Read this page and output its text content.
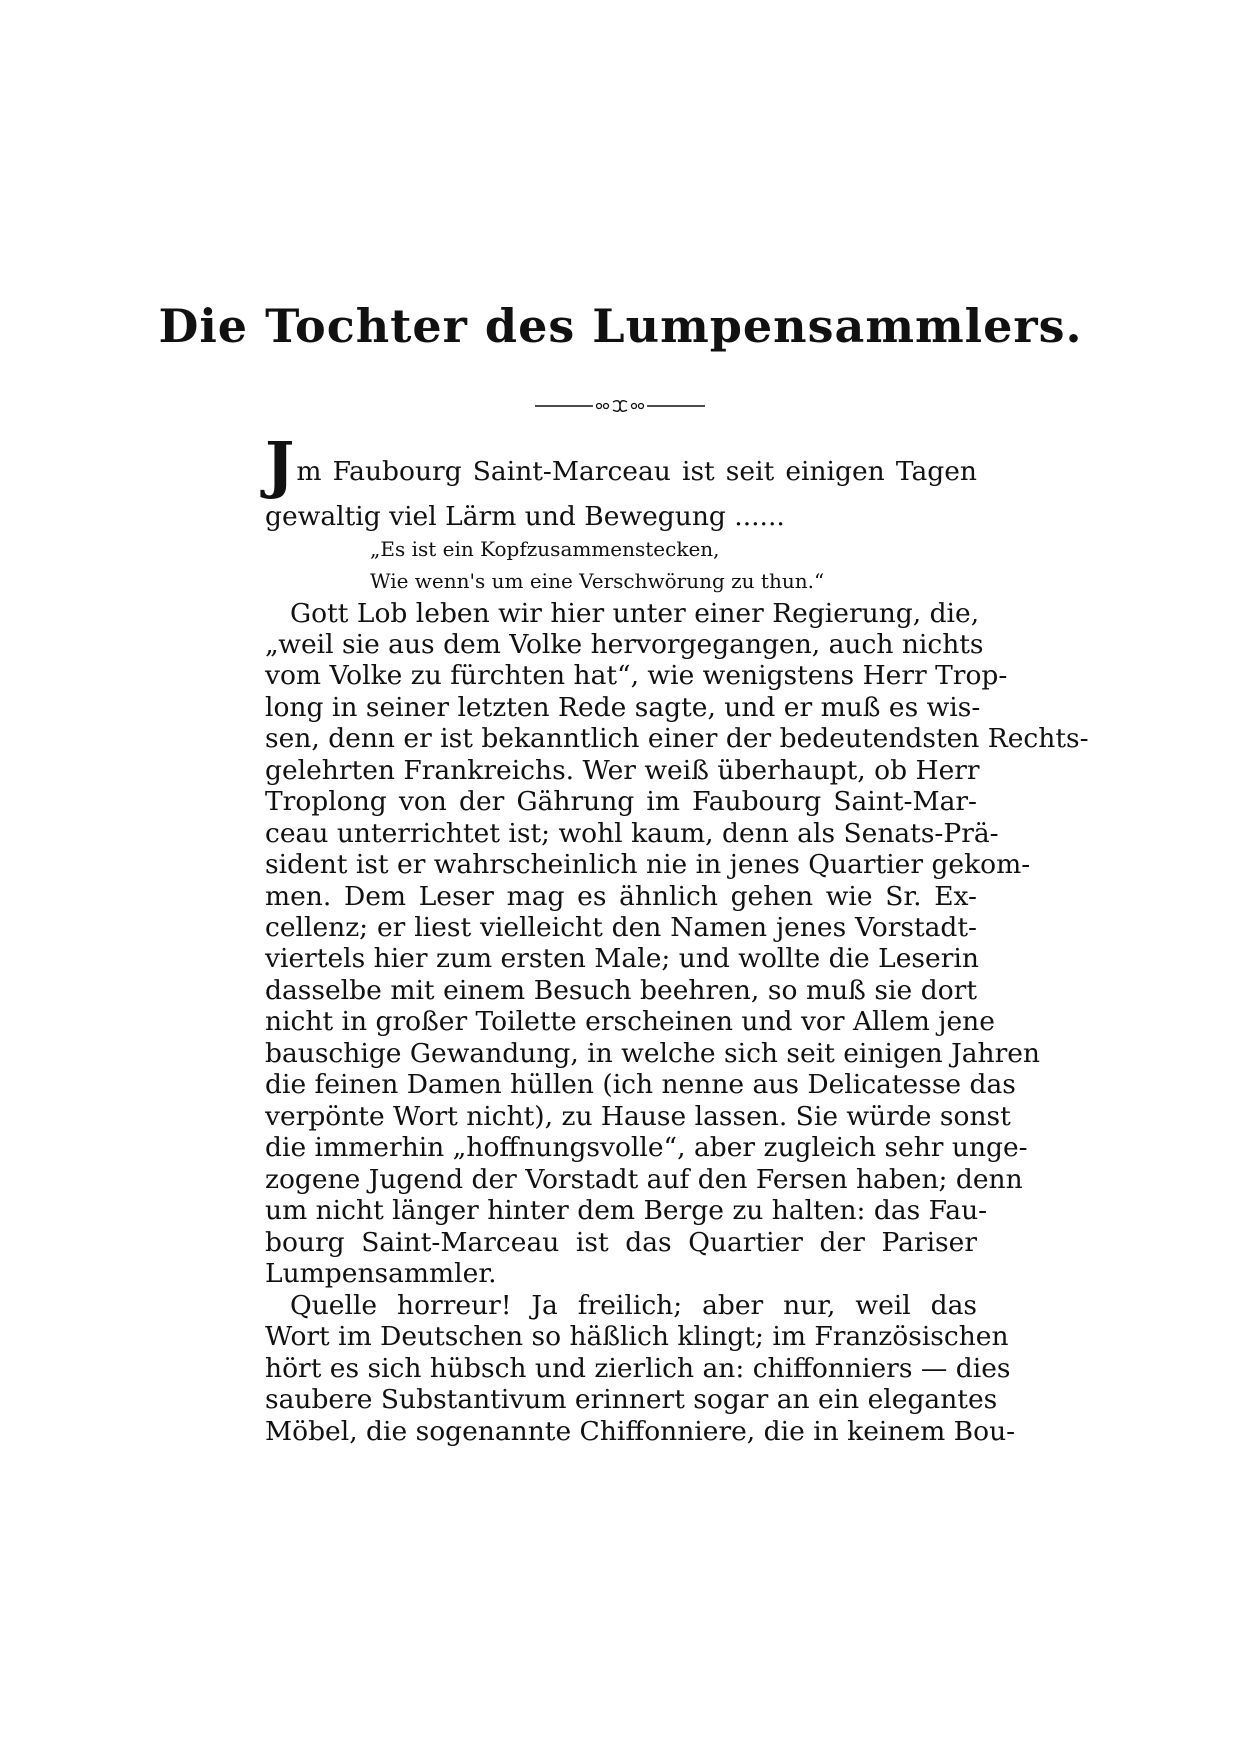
Die Tochter des Lumpensammlers.
Jm Faubourg Saint-Marceau ist seit einigen Tagen
gewaltig viel Lärm und Bewegung ......
„Es ist ein Kopfzusammenstecken,
Wie wenn's um eine Verschwörung zu thun.“
Gott Lob leben wir hier unter einer Regierung, die,
„weil sie aus dem Volke hervorgegangen, auch nichts
vom Volke zu fürchten hat“, wie wenigstens Herr Trop-
long in seiner letzten Rede sagte, und er muß es wis-
sen, denn er ist bekanntlich einer der bedeutendsten Rechts-
gelehrten Frankreichs. Wer weiß überhaupt, ob Herr
Troplong von der Gährung im Faubourg Saint-Mar-
ceau unterrichtet ist; wohl kaum, denn als Senats-Prä-
sident ist er wahrscheinlich nie in jenes Quartier gekom-
men. Dem Leser mag es ähnlich gehen wie Sr. Ex-
cellenz; er liest vielleicht den Namen jenes Vorstadt-
viertels hier zum ersten Male; und wollte die Leserin
dasselbe mit einem Besuch beehren, so muß sie dort
nicht in großer Toilette erscheinen und vor Allem jene
bauschige Gewandung, in welche sich seit einigen Jahren
die feinen Damen hüllen (ich nenne aus Delicatesse das
verpönte Wort nicht), zu Hause lassen. Sie würde sonst
die immerhin „hoffnungsvolle“, aber zugleich sehr unge-
zogene Jugend der Vorstadt auf den Fersen haben; denn
um nicht länger hinter dem Berge zu halten: das Fau-
bourg Saint-Marceau ist das Quartier der Pariser
Lumpensammler.
Quelle horreur! Ja freilich; aber nur, weil das
Wort im Deutschen so häßlich klingt; im Französischen
hört es sich hübsch und zierlich an: chiffonniers — dies
saubere Substantivum erinnert sogar an ein elegantes
Möbel, die sogenannte Chiffonniere, die in keinem Bou-
